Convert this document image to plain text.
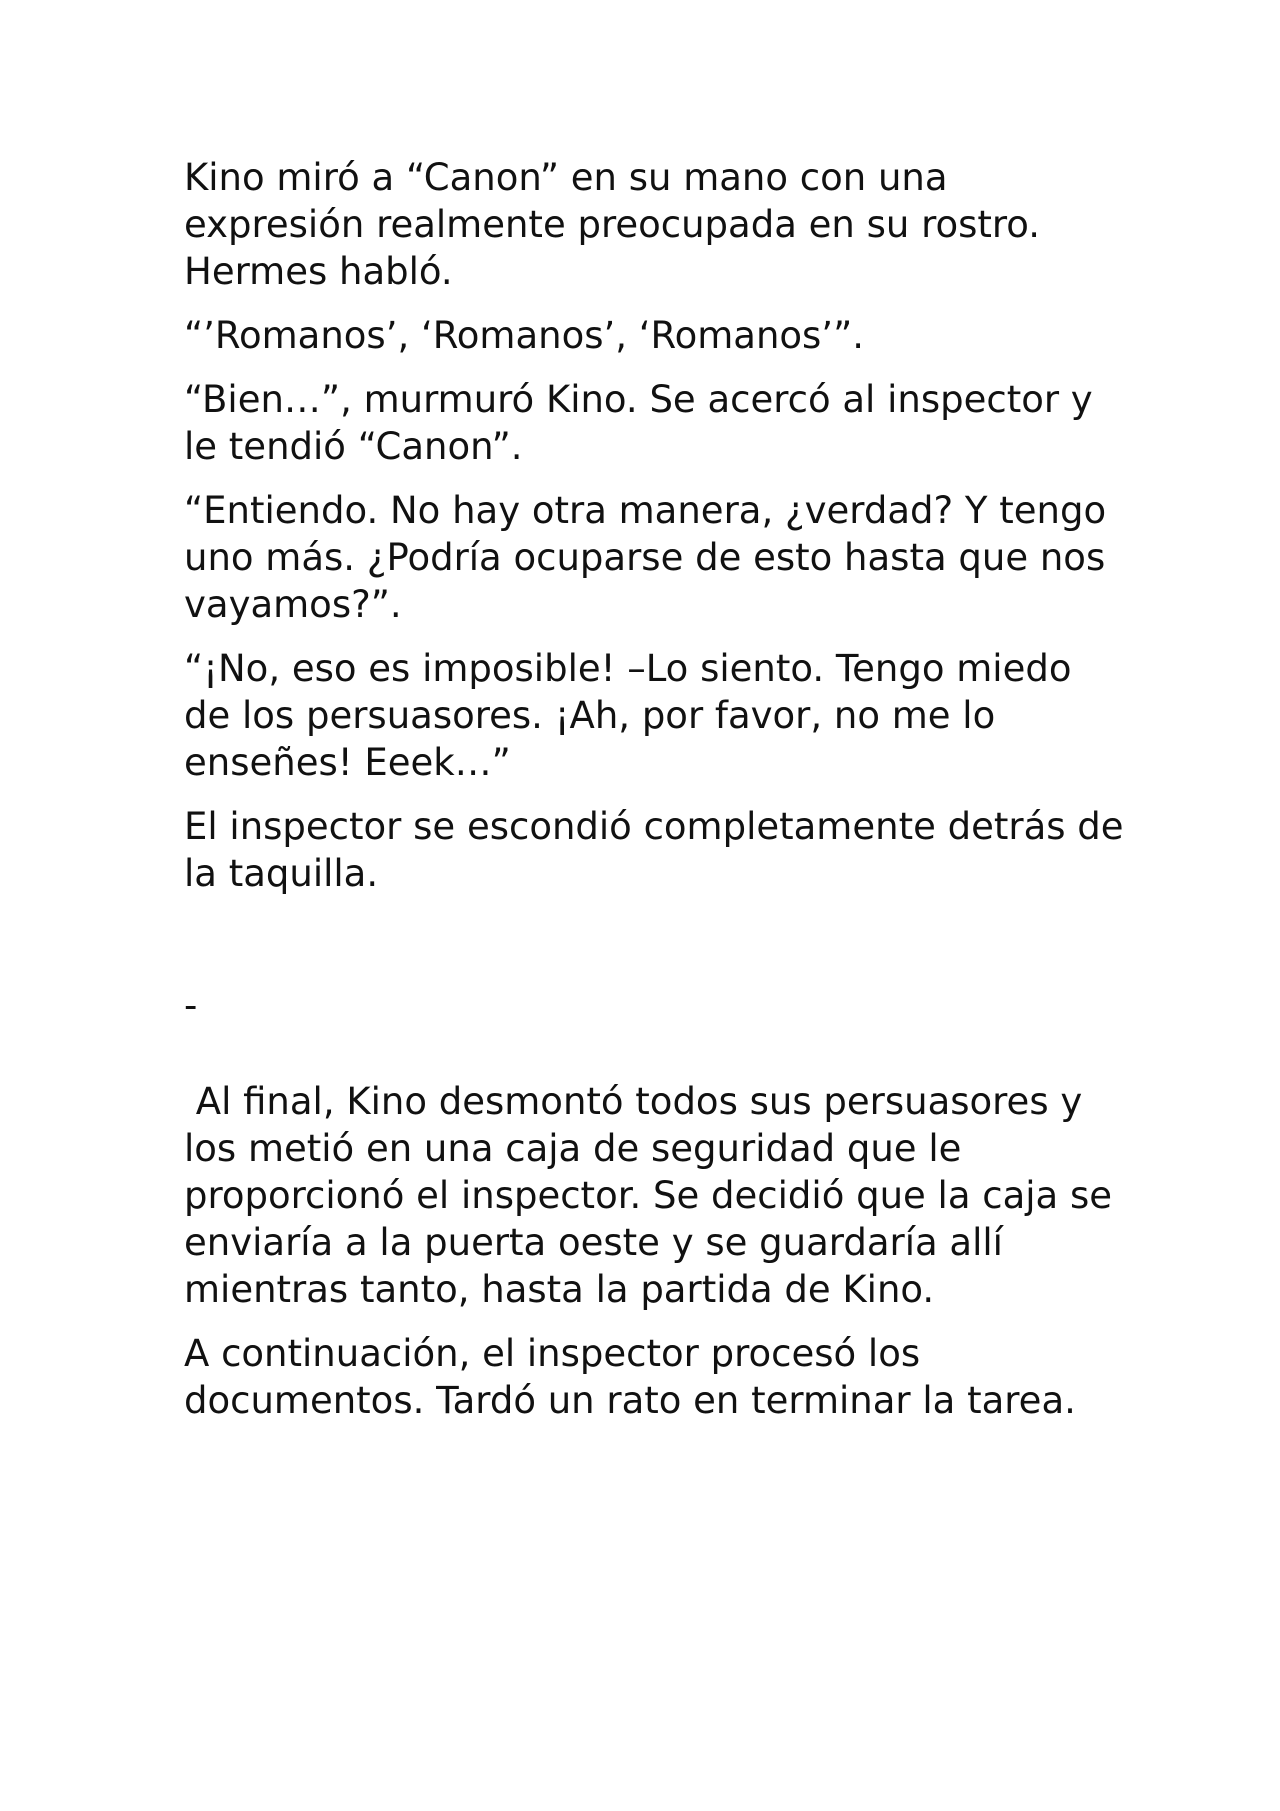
Kino miró a “Canon” en su mano con una expresión realmente preocupada en su rostro. Hermes habló.

“’Romanos’, ‘Romanos’, ‘Romanos’”.

“Bien…”, murmuró Kino. Se acercó al inspector y le tendió “Canon”.

“Entiendo. No hay otra manera, ¿verdad? Y tengo uno más. ¿Podría ocuparse de esto hasta que nos vayamos?”.

“¡No, eso es imposible! –Lo siento. Tengo miedo de los persuasores. ¡Ah, por favor, no me lo enseñes! Eeek…”

El inspector se escondió completamente detrás de la taquilla.

-

Al final, Kino desmontó todos sus persuasores y los metió en una caja de seguridad que le proporcionó el inspector. Se decidió que la caja se enviaría a la puerta oeste y se guardaría allí mientras tanto, hasta la partida de Kino.

A continuación, el inspector procesó los documentos. Tardó un rato en terminar la tarea.
